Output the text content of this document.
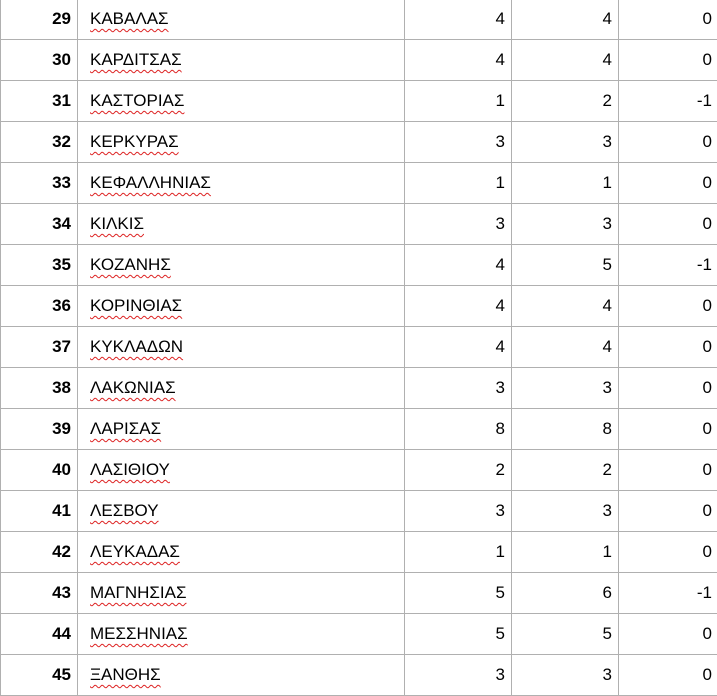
29	ΚΑΒΑΛΑΣ	4	4	0
30	ΚΑΡΔΙΤΣΑΣ	4	4	0
31	ΚΑΣΤΟΡΙΑΣ	1	2	-1
32	ΚΕΡΚΥΡΑΣ	3	3	0
33	ΚΕΦΑΛΛΗΝΙΑΣ	1	1	0
34	ΚΙΛΚΙΣ	3	3	0
35	ΚΟΖΑΝΗΣ	4	5	-1
36	ΚΟΡΙΝΘΙΑΣ	4	4	0
37	ΚΥΚΛΑΔΩΝ	4	4	0
38	ΛΑΚΩΝΙΑΣ	3	3	0
39	ΛΑΡΙΣΑΣ	8	8	0
40	ΛΑΣΙΘΙΟΥ	2	2	0
41	ΛΕΣΒΟΥ	3	3	0
42	ΛΕΥΚΑΔΑΣ	1	1	0
43	ΜΑΓΝΗΣΙΑΣ	5	6	-1
44	ΜΕΣΣΗΝΙΑΣ	5	5	0
45	ΞΑΝΘΗΣ	3	3	0
